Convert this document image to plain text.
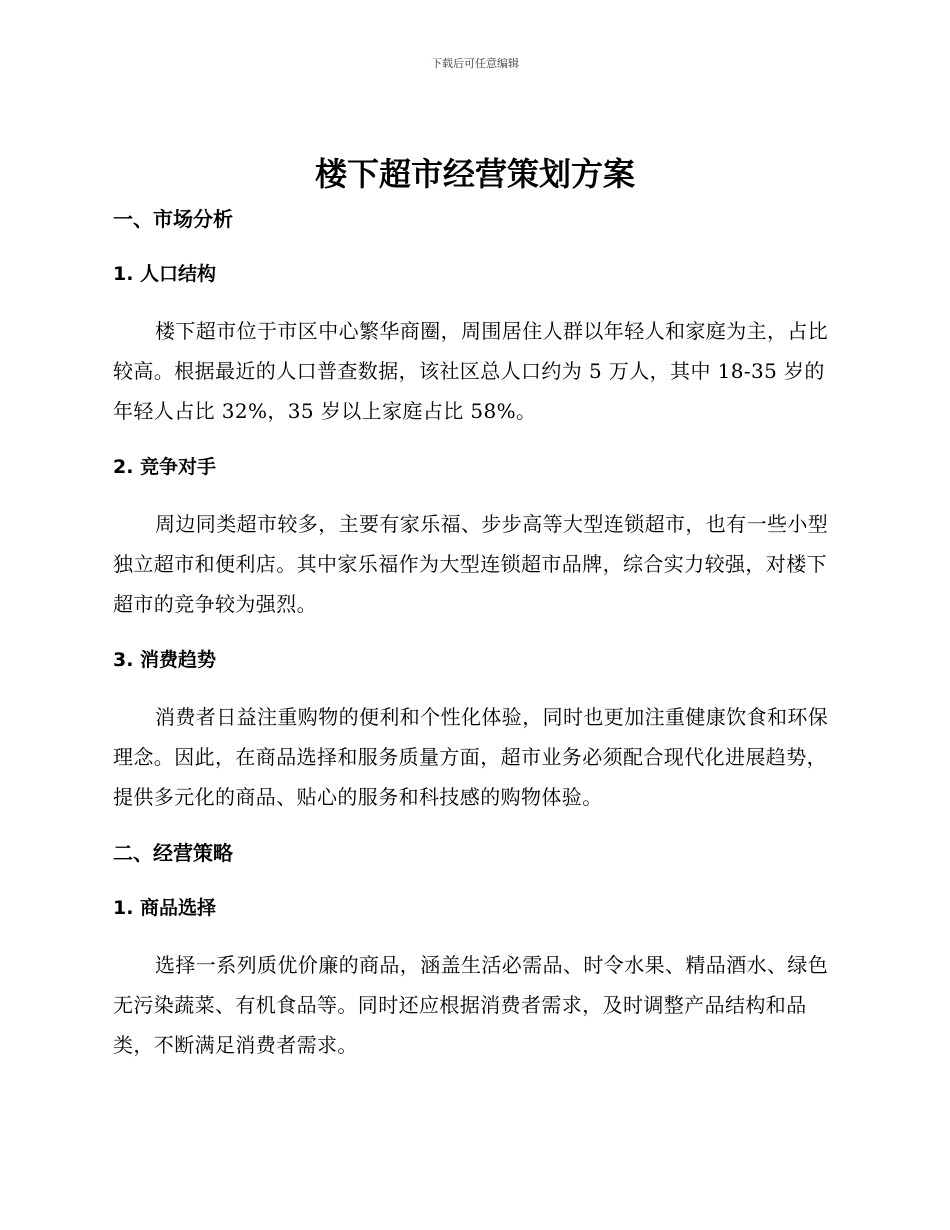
下载后可任意编辑
楼下超市经营策划方案
一、市场分析
1. 人口结构

楼下超市位于市区中心繁华商圈，周围居住人群以年轻人和家庭为主，占比较高。根据最近的人口普查数据，该社区总人口约为 5 万人，其中 18-35 岁的年轻人占比 32%，35 岁以上家庭占比 58%。

2. 竞争对手

周边同类超市较多，主要有家乐福、步步高等大型连锁超市，也有一些小型独立超市和便利店。其中家乐福作为大型连锁超市品牌，综合实力较强，对楼下超市的竞争较为强烈。

3. 消费趋势

消费者日益注重购物的便利和个性化体验，同时也更加注重健康饮食和环保理念。因此，在商品选择和服务质量方面，超市业务必须配合现代化进展趋势，提供多元化的商品、贴心的服务和科技感的购物体验。

二、经营策略
1. 商品选择

选择一系列质优价廉的商品，涵盖生活必需品、时令水果、精品酒水、绿色无污染蔬菜、有机食品等。同时还应根据消费者需求，及时调整产品结构和品类，不断满足消费者需求。
